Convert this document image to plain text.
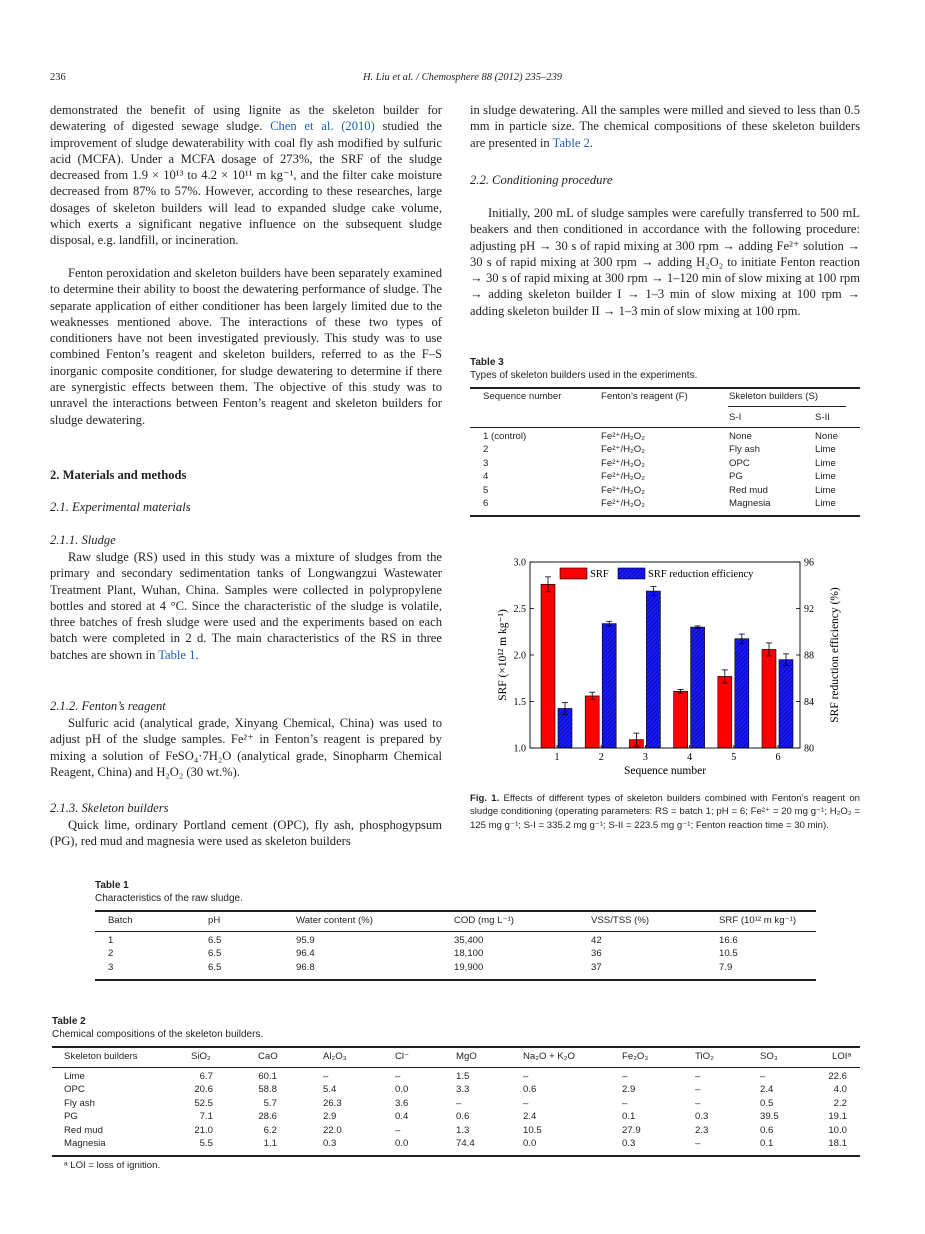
236	H. Liu et al. / Chemosphere 88 (2012) 235–239
demonstrated the benefit of using lignite as the skeleton builder for dewatering of digested sewage sludge. Chen et al. (2010) studied the improvement of sludge dewaterability with coal fly ash modified by sulfuric acid (MCFA). Under a MCFA dosage of 273%, the SRF of the sludge decreased from 1.9 × 10¹³ to 4.2 × 10¹¹ m kg⁻¹, and the filter cake moisture decreased from 87% to 57%. However, according to these researches, large dosages of skeleton builders will lead to expanded sludge cake volume, which exerts a significant negative influence on the subsequent sludge disposal, e.g. landfill, or incineration.
Fenton peroxidation and skeleton builders have been separately examined to determine their ability to boost the dewatering performance of sludge. The separate application of either conditioner has been largely limited due to the weaknesses mentioned above. The interactions of these two types of conditioners have not been investigated previously. This study was to use combined Fenton’s reagent and skeleton builders, referred to as the F–S inorganic composite conditioner, for sludge dewatering to determine if there are synergistic effects between them. The objective of this study was to unravel the interactions between Fenton’s reagent and skeleton builders for sludge dewatering.
2. Materials and methods
2.1. Experimental materials
2.1.1. Sludge
Raw sludge (RS) used in this study was a mixture of sludges from the primary and secondary sedimentation tanks of Longwangzui Wastewater Treatment Plant, Wuhan, China. Samples were collected in polypropylene bottles and stored at 4 °C. Since the characteristic of the sludge is volatile, three batches of fresh sludge were used and the experiments based on each batch were completed in 2 d. The main characteristics of the RS in three batches are shown in Table 1.
2.1.2. Fenton’s reagent
Sulfuric acid (analytical grade, Xinyang Chemical, China) was used to adjust pH of the sludge samples. Fe²⁺ in Fenton’s reagent is prepared by mixing a solution of FeSO₄·7H₂O (analytical grade, Sinopharm Chemical Reagent, China) and H₂O₂ (30 wt.%).
2.1.3. Skeleton builders
Quick lime, ordinary Portland cement (OPC), fly ash, phosphogypsum (PG), red mud and magnesia were used as skeleton builders
in sludge dewatering. All the samples were milled and sieved to less than 0.5 mm in particle size. The chemical compositions of these skeleton builders are presented in Table 2.
2.2. Conditioning procedure
Initially, 200 mL of sludge samples were carefully transferred to 500 mL beakers and then conditioned in accordance with the following procedure: adjusting pH → 30 s of rapid mixing at 300 rpm → adding Fe²⁺ solution → 30 s of rapid mixing at 300 rpm → adding H₂O₂ to initiate Fenton reaction → 30 s of rapid mixing at 300 rpm → 1–120 min of slow mixing at 100 rpm → adding skeleton builder I → 1–3 min of slow mixing at 100 rpm → adding skeleton builder II → 1–3 min of slow mixing at 100 rpm.
Table 3
Types of skeleton builders used in the experiments.
Sequence number	Fenton’s reagent (F)	Skeleton builders (S)
S-I	S-II
1 (control)	Fe²⁺/H₂O₂	None	None
2	Fe²⁺/H₂O₂	Fly ash	Lime
3	Fe²⁺/H₂O₂	OPC	Lime
4	Fe²⁺/H₂O₂	PG	Lime
5	Fe²⁺/H₂O₂	Red mud	Lime
6	Fe²⁺/H₂O₂	Magnesia	Lime
1	2	3	4	5	6
1.0
1.5
2.0
2.5
3.0
80
84
88
92
96
Sequence number
SRF (×10¹² m kg⁻¹)	SRF reduction efficiency (%)
SRF	SRF reduction efficiency
Fig. 1. Effects of different types of skeleton builders combined with Fenton’s reagent on sludge conditioning (operating parameters: RS = batch 1; pH = 6; Fe²⁺ = 20 mg g⁻¹; H₂O₂ = 125 mg g⁻¹; S-I = 335.2 mg g⁻¹; S-II = 223.5 mg g⁻¹; Fenton reaction time = 30 min).
Table 1
Characteristics of the raw sludge.
Batch	pH	Water content (%)	COD (mg L⁻¹)	VSS/TSS (%)	SRF (10¹² m kg⁻¹)
1	6.5	95.9	35,400	42	16.6
2	6.5	96.4	18,100	36	10.5
3	6.5	96.8	19,900	37	7.9
Table 2
Chemical compositions of the skeleton builders.
Skeleton builders	SiO₂	CaO	Al₂O₃	Cl⁻	MgO	Na₂O + K₂O	Fe₂O₃	TiO₂	SO₃	LOIᵃ
Lime	6.7	60.1	–	–	1.5	–	–	–	–	22.6
OPC	20.6	58.8	5.4	0.0	3.3	0.6	2.9	–	2.4	4.0
Fly ash	52.5	5.7	26.3	3.6	–	–	–	–	0.5	2.2
PG	7.1	28.6	2.9	0.4	0.6	2.4	0.1	0.3	39.5	19.1
Red mud	21.0	6.2	22.0	–	1.3	10.5	27.9	2.3	0.6	10.0
Magnesia	5.5	1.1	0.3	0.0	74.4	0.0	0.3	–	0.1	18.1
ᵃ LOI = loss of ignition.
